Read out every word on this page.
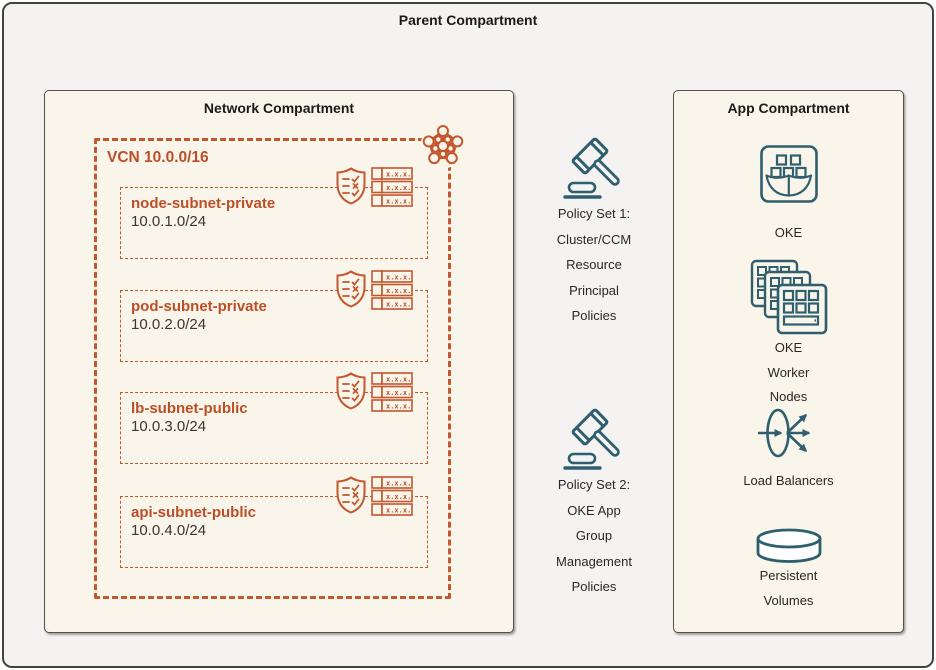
Parent Compartment
Network Compartment
VCN 10.0.0/16
x.x.x.
x.x.x.
x.x.x.
node-subnet-private
10.0.1.0/24
x.x.x.
x.x.x.
x.x.x.
pod-subnet-private
10.0.2.0/24
x.x.x.
x.x.x.
x.x.x.
lb-subnet-public
10.0.3.0/24
x.x.x.
x.x.x.
x.x.x.
api-subnet-public
10.0.4.0/24
Policy Set 1:
Cluster/CCM
Resource
Principal
Policies
Policy Set 2:
OKE App
Group
Management
Policies
App Compartment
OKE
OKE
Worker
Nodes
Load Balancers
Persistent
Volumes
